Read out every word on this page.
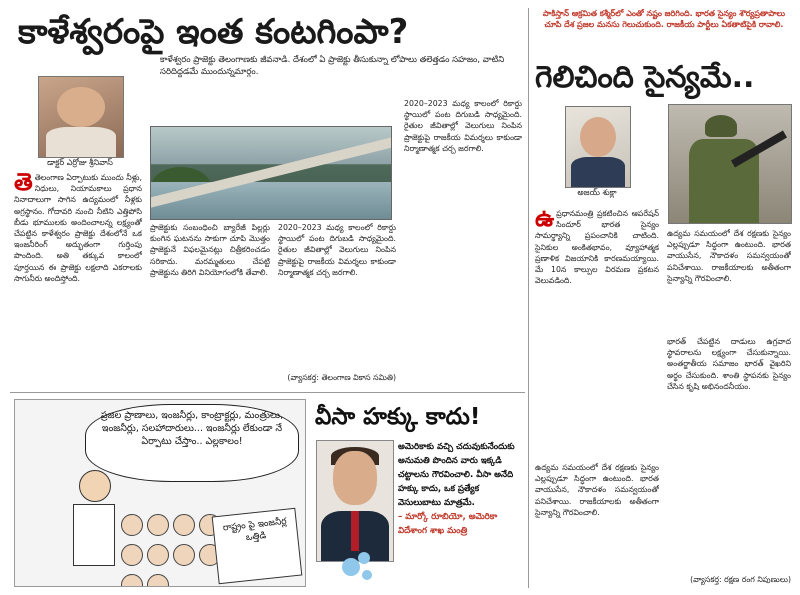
కాళేశ్వరంపై ఇంత కంటగింపా?
కాళేశ్వరం ప్రాజెక్టు తెలంగాణకు జీవనాడి. దేశంలో ఏ ప్రాజెక్టు తీసుకున్నా లోపాలు తలెత్తడం సహజం, వాటిని సరిదిద్దడమే ముందున్నమార్గం.
డాక్టర్ ఎర్రోజు శ్రీనివాస్
తెతెలంగాణ ఏర్పాటుకు ముందు నీళ్లు, నిధులు, నియామకాలు ప్రధాన నినాదాలుగా సాగిన ఉద్యమంలో నీళ్లకు అగ్రస్థానం. గోదావరి నుంచి నీటిని ఎత్తిపోసి బీడు భూములకు అందించాలన్న లక్ష్యంతో చేపట్టిన కాళేశ్వరం ప్రాజెక్టు దేశంలోనే ఒక ఇంజనీరింగ్ అద్భుతంగా గుర్తింపు పొందింది. అతి తక్కువ కాలంలో పూర్తయిన ఈ ప్రాజెక్టు లక్షలాది ఎకరాలకు సాగునీరు అందిస్తోంది.
ప్రాజెక్టుకు సంబంధించి బ్యారేజీ పిల్లర్లు కుంగిన ఘటనను సాకుగా చూపి మొత్తం ప్రాజెక్టునే విఫలమైనట్లు చిత్రీకరించడం సరికాదు. మరమ్మతులు చేపట్టి ప్రాజెక్టును తిరిగి వినియోగంలోకి తేవాలి.
2020–2023 మధ్య కాలంలో రికార్డు స్థాయిలో పంట దిగుబడి సాధ్యమైంది. రైతుల జీవితాల్లో వెలుగులు నింపిన ప్రాజెక్టుపై రాజకీయ విమర్శలు కాకుండా నిర్మాణాత్మక చర్చ జరగాలి.
(వ్యాసకర్త: తెలంగాణ వికాస సమితి)
2020–2023 మధ్య కాలంలో రికార్డు స్థాయిలో పంట దిగుబడి సాధ్యమైంది. రైతుల జీవితాల్లో వెలుగులు నింపిన ప్రాజెక్టుపై రాజకీయ విమర్శలు కాకుండా నిర్మాణాత్మక చర్చ జరగాలి.
ప్రజల ప్రాణాలు, ఇంజనీర్లు, కాంట్రాక్టర్లు, మంత్రులు, ఇంజనీర్లు, సలహాదారులు... ఇంజనీర్లు లేకుండా నే ఏర్పాటు చేస్తాం.. ఎల్లకాలం!
రాష్ట్రం పై ఇంజనీర్ల ఒత్తిడి
వీసా హక్కు కాదు!
అమెరికాకు వచ్చి చదువుకునేందుకు అనుమతి పొందిన వారు ఇక్కడి చట్టాలను గౌరవించాలి. వీసా అనేది హక్కు కాదు, ఒక ప్రత్యేక వెసులుబాటు మాత్రమే.
– మార్కో రూబియో, అమెరికా విదేశాంగ శాఖ మంత్రి
పాకిస్తాన్ ఆక్రమిత కశ్మీర్‌లో ఎంతో నష్టం జరిగింది. భారత సైన్యం శౌర్యప్రతాపాలు చూపి దేశ ప్రజల మనసు గెలుచుకుంది. రాజకీయ పార్టీలు ఏకతాటిపైకి రావాలి.
గెలిచింది సైన్యమే..
అజయ్ శుక్లా
ఉప్రధానమంత్రి ప్రకటించిన ఆపరేషన్ సిందూర్ భారత సైన్యం సామర్థ్యాన్ని ప్రపంచానికి చాటింది. సైనికుల అంకితభావం, వ్యూహాత్మక ప్రణాళిక విజయానికి కారణమయ్యాయి. మే 10న కాల్పుల విరమణ ప్రకటన వెలువడింది.
ఉద్యమ సమయంలో దేశ రక్షణకు సైన్యం ఎల్లప్పుడూ సిద్ధంగా ఉంటుంది. భారత వాయుసేన, నౌకాదళం సమన్వయంతో పనిచేశాయి. రాజకీయాలకు అతీతంగా సైన్యాన్ని గౌరవించాలి.
భారత్ చేపట్టిన దాడులు ఉగ్రవాద స్థావరాలను లక్ష్యంగా చేసుకున్నాయి. అంతర్జాతీయ సమాజం భారత్ వైఖరిని అర్థం చేసుకుంది. శాంతి స్థాపనకు సైన్యం చేసిన కృషి అభినందనీయం.
ఉద్యమ సమయంలో దేశ రక్షణకు సైన్యం ఎల్లప్పుడూ సిద్ధంగా ఉంటుంది. భారత వాయుసేన, నౌకాదళం సమన్వయంతో పనిచేశాయి. రాజకీయాలకు అతీతంగా సైన్యాన్ని గౌరవించాలి.
(వ్యాసకర్త: రక్షణ రంగ నిపుణులు)
